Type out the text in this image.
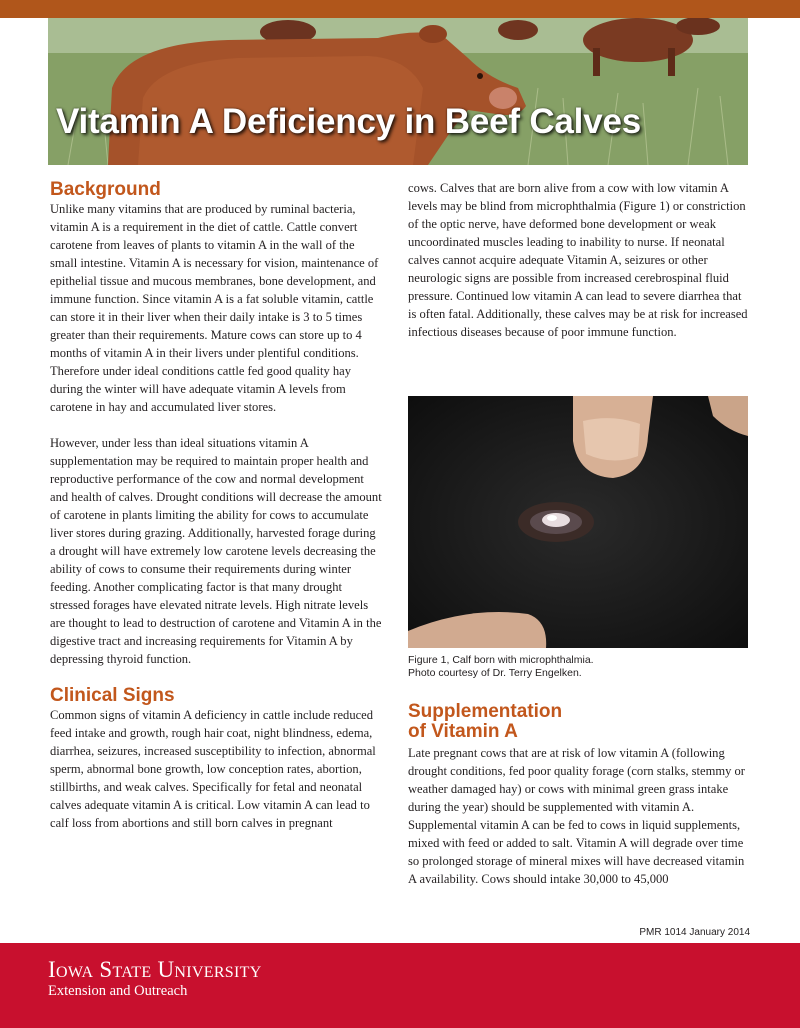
Vitamin A Deficiency in Beef Calves
Background

Unlike many vitamins that are produced by ruminal bacteria, vitamin A is a requirement in the diet of cattle. Cattle convert carotene from leaves of plants to vitamin A in the wall of the small intestine. Vitamin A is necessary for vision, maintenance of epithelial tissue and mucous membranes, bone development, and immune function. Since vitamin A is a fat soluble vitamin, cattle can store it in their liver when their daily intake is 3 to 5 times greater than their requirements. Mature cows can store up to 4 months of vitamin A in their livers under plentiful conditions. Therefore under ideal conditions cattle fed good quality hay during the winter will have adequate vitamin A levels from carotene in hay and accumulated liver stores.

However, under less than ideal situations vitamin A supplementation may be required to maintain proper health and reproductive performance of the cow and normal development and health of calves. Drought conditions will decrease the amount of carotene in plants limiting the ability for cows to accumulate liver stores during grazing. Additionally, harvested forage during a drought will have extremely low carotene levels decreasing the ability of cows to consume their requirements during winter feeding. Another complicating factor is that many drought stressed forages have elevated nitrate levels. High nitrate levels are thought to lead to destruction of carotene and Vitamin A in the digestive tract and increasing requirements for Vitamin A by depressing thyroid function.

Clinical Signs

Common signs of vitamin A deficiency in cattle include reduced feed intake and growth, rough hair coat, night blindness, edema, diarrhea, seizures, increased susceptibility to infection, abnormal sperm, abnormal bone growth, low conception rates, abortion, stillbirths, and weak calves. Specifically for fetal and neonatal calves adequate vitamin A is critical. Low vitamin A can lead to calf loss from abortions and still born calves in pregnant

cows. Calves that are born alive from a cow with low vitamin A levels may be blind from microphthalmia (Figure 1) or constriction of the optic nerve, have deformed bone development or weak uncoordinated muscles leading to inability to nurse. If neonatal calves cannot acquire adequate Vitamin A, seizures or other neurologic signs are possible from increased cerebrospinal fluid pressure. Continued low vitamin A can lead to severe diarrhea that is often fatal. Additionally, these calves may be at risk for increased infectious diseases because of poor immune function.

Figure 1, Calf born with microphthalmia.
Photo courtesy of Dr. Terry Engelken.
Supplementation
of Vitamin A

Late pregnant cows that are at risk of low vitamin A (following drought conditions, fed poor quality forage (corn stalks, stemmy or weather damaged hay) or cows with minimal green grass intake during the year) should be supplemented with vitamin A. Supplemental vitamin A can be fed to cows in liquid supplements, mixed with feed or added to salt. Vitamin A will degrade over time so prolonged storage of mineral mixes will have decreased vitamin A availability. Cows should intake 30,000 to 45,000

PMR 1014 January 2014
Iowa State University
Extension and Outreach
